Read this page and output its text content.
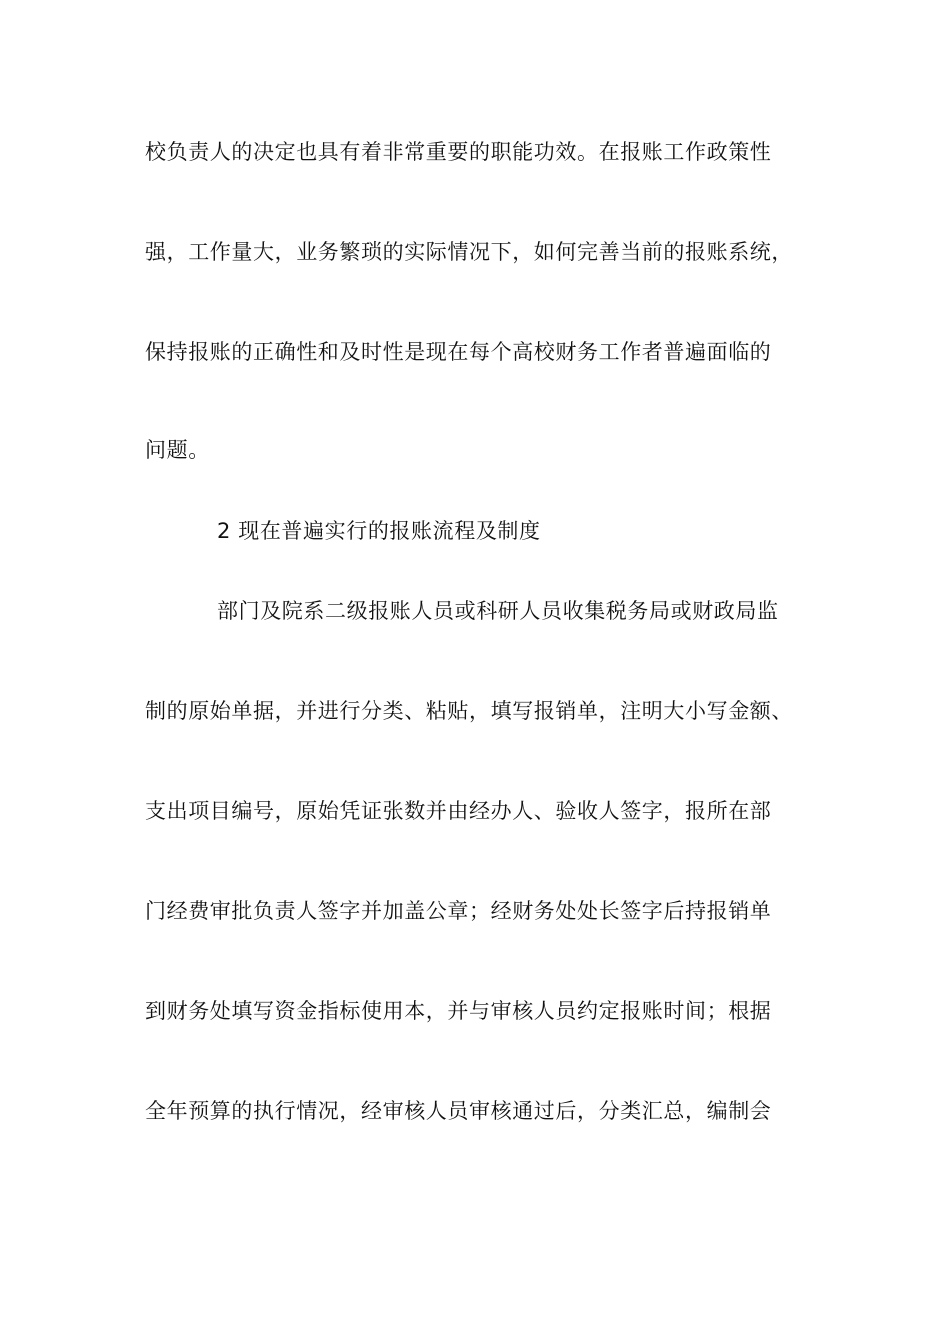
校负责人的决定也具有着非常重要的职能功效。在报账工作政策性
强，工作量大，业务繁琐的实际情况下，如何完善当前的报账系统，
保持报账的正确性和及时性是现在每个高校财务工作者普遍面临的
问题。
2 现在普遍实行的报账流程及制度
部门及院系二级报账人员或科研人员收集税务局或财政局监
制的原始单据，并进行分类、粘贴，填写报销单，注明大小写金额、
支出项目编号，原始凭证张数并由经办人、验收人签字，报所在部
门经费审批负责人签字并加盖公章；经财务处处长签字后持报销单
到财务处填写资金指标使用本，并与审核人员约定报账时间；根据
全年预算的执行情况，经审核人员审核通过后，分类汇总，编制会
